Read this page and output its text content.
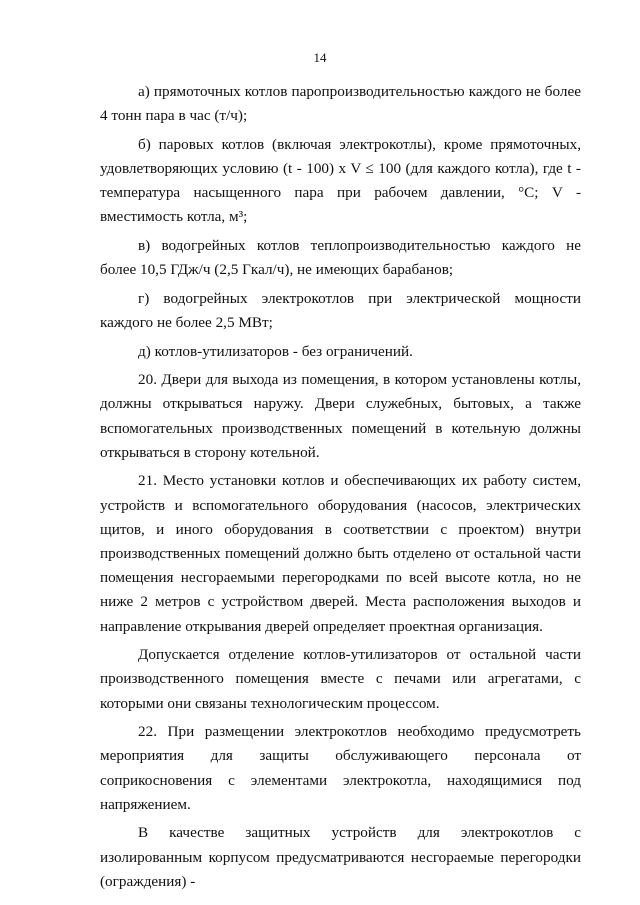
14

а) прямоточных котлов паропроизводительностью каждого не более 4 тонн пара в час (т/ч);

б) паровых котлов (включая электрокотлы), кроме прямоточных, удовлетворяющих условию (t - 100) x V ≤ 100 (для каждого котла), где t - температура насыщенного пара при рабочем давлении, °С; V - вместимость котла, м³;

в) водогрейных котлов теплопроизводительностью каждого не более 10,5 ГДж/ч (2,5 Гкал/ч), не имеющих барабанов;

г) водогрейных электрокотлов при электрической мощности каждого не более 2,5 МВт;

д) котлов-утилизаторов - без ограничений.

20. Двери для выхода из помещения, в котором установлены котлы, должны открываться наружу. Двери служебных, бытовых, а также вспомогательных производственных помещений в котельную должны открываться в сторону котельной.

21. Место установки котлов и обеспечивающих их работу систем, устройств и вспомогательного оборудования (насосов, электрических щитов, и иного оборудования в соответствии с проектом) внутри производственных помещений должно быть отделено от остальной части помещения несгораемыми перегородками по всей высоте котла, но не ниже 2 метров с устройством дверей. Места расположения выходов и направление открывания дверей определяет проектная организация.

Допускается отделение котлов-утилизаторов от остальной части производственного помещения вместе с печами или агрегатами, с которыми они связаны технологическим процессом.

22. При размещении электрокотлов необходимо предусмотреть мероприятия для защиты обслуживающего персонала от соприкосновения с элементами электрокотла, находящимися под напряжением.

В качестве защитных устройств для электрокотлов с изолированным корпусом предусматриваются несгораемые перегородки (ограждения) -
